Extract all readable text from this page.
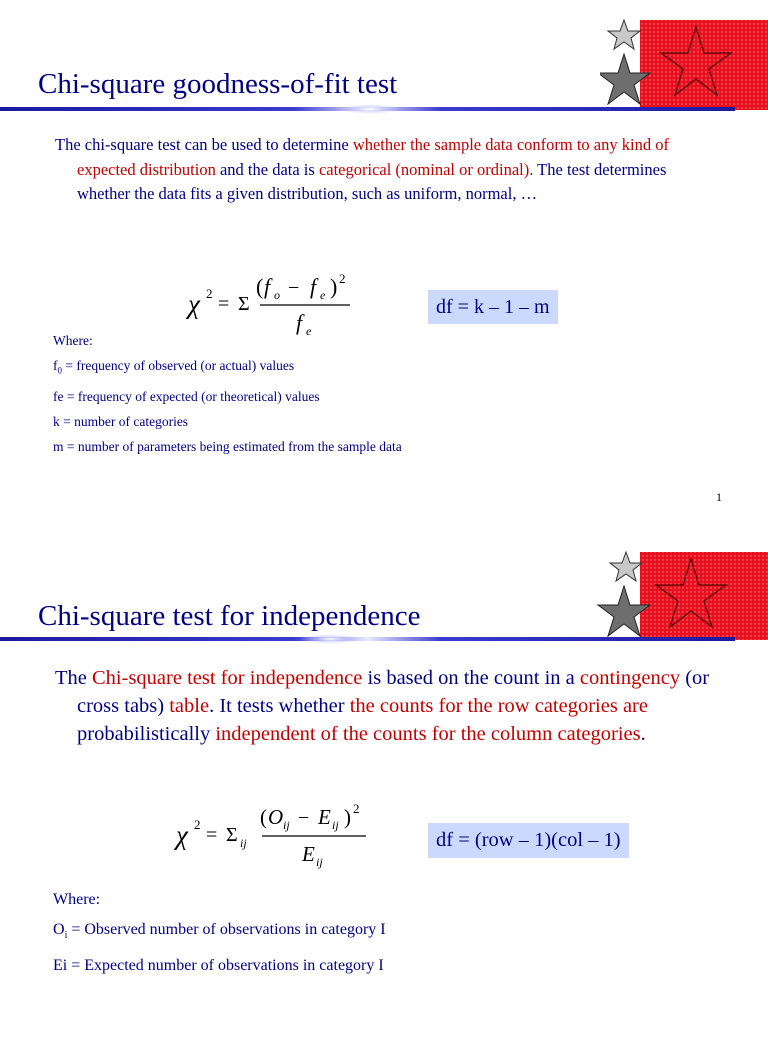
Chi-square goodness-of-fit test
The chi-square test can be used to determine whether the sample data conform to any kind of expected distribution and the data is categorical (nominal or ordinal). The test determines whether the data fits a given distribution, such as uniform, normal, …
χ 2 = Σ
( f o − f e ) 2
f e
df = k – 1 – m
Where:
$f_0$ = frequency of observed (or actual) values
fe = frequency of expected (or theoretical) values
k = number of categories
m = number of parameters being estimated from the sample data
1
Chi-square test for independence
The Chi-square test for independence is based on the count in a contingency (or cross tabs) table. It tests whether the counts for the row categories are probabilistically independent of the counts for the column categories.
χ 2 = Σ ij
( O ij − E ij ) 2
E ij
df = (row – 1)(col – 1)
Where:
$O_i$ = Observed number of observations in category I
Ei = Expected number of observations in category I
